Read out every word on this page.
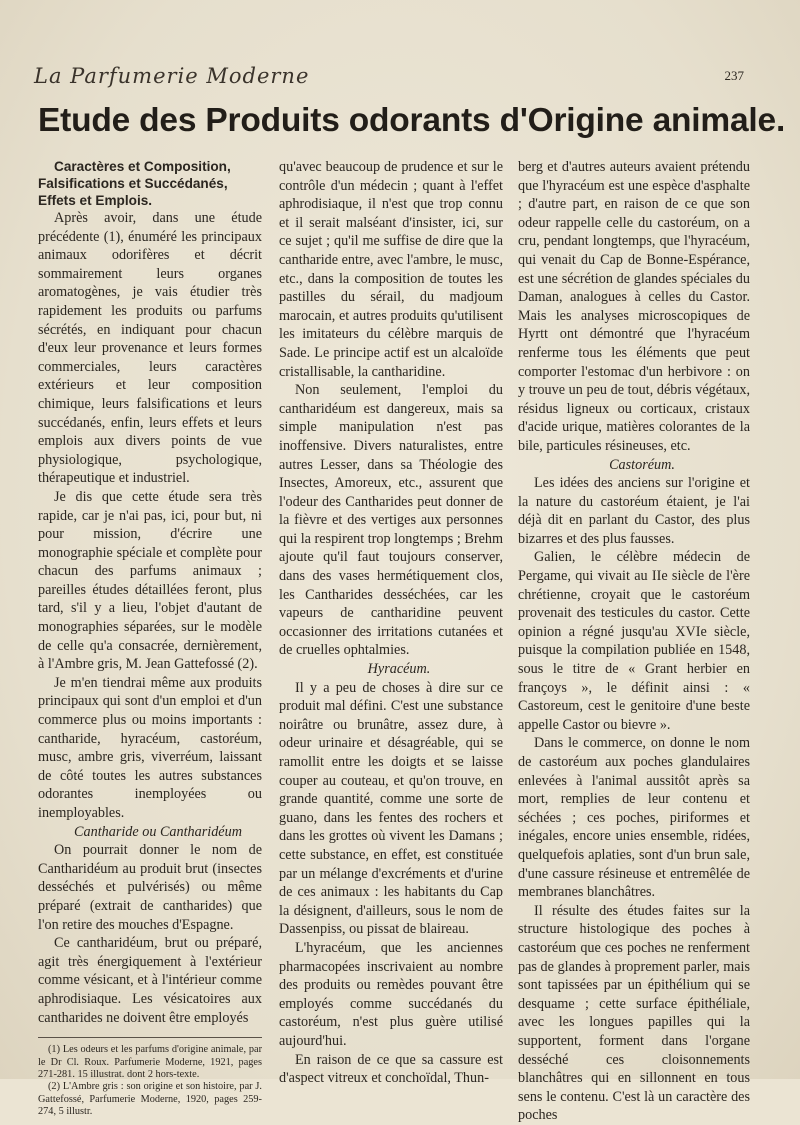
La Parfumerie Moderne	237
Etude des Produits odorants d'Origine animale.

Caractères et Composition, Falsifications et Succédanés, Effets et Emplois.

Après avoir, dans une étude précédente (1), énuméré les principaux animaux odorifères et décrit sommairement leurs organes aromatogènes, je vais étudier très rapidement les produits ou parfums sécrétés, en indiquant pour chacun d'eux leur provenance et leurs formes commerciales, leurs caractères extérieurs et leur composition chimique, leurs falsifications et leurs succédanés, enfin, leurs effets et leurs emplois aux divers points de vue physiologique, psychologique, thérapeutique et industriel.

Je dis que cette étude sera très rapide, car je n'ai pas, ici, pour but, ni pour mission, d'écrire une monographie spéciale et complète pour chacun des parfums animaux ; pareilles études détaillées feront, plus tard, s'il y a lieu, l'objet d'autant de monographies séparées, sur le modèle de celle qu'a consacrée, dernièrement, à l'Ambre gris, M. Jean Gattefossé (2).

Je m'en tiendrai même aux produits principaux qui sont d'un emploi et d'un commerce plus ou moins importants : cantharide, hyracéum, castoréum, musc, ambre gris, viverréum, laissant de côté toutes les autres substances odorantes inemployées ou inemployables.

Cantharide ou Cantharidéum

On pourrait donner le nom de Cantharidéum au produit brut (insectes desséchés et pulvérisés) ou même préparé (extrait de cantharides) que l'on retire des mouches d'Espagne.

Ce cantharidéum, brut ou préparé, agit très énergiquement à l'extérieur comme vésicant, et à l'intérieur comme aphrodisiaque. Les vésicatoires aux cantharides ne doivent être employés

(1) Les odeurs et les parfums d'origine animale, par le Dr Cl. Roux. Parfumerie Moderne, 1921, pages 271-281. 15 illustrat. dont 2 hors-texte.

(2) L'Ambre gris : son origine et son histoire, par J. Gattefossé, Parfumerie Moderne, 1920, pages 259-274, 5 illustr.

qu'avec beaucoup de prudence et sur le contrôle d'un médecin ; quant à l'effet aphrodisiaque, il n'est que trop connu et il serait malséant d'insister, ici, sur ce sujet ; qu'il me suffise de dire que la cantharide entre, avec l'ambre, le musc, etc., dans la composition de toutes les pastilles du sérail, du madjoum marocain, et autres produits qu'utilisent les imitateurs du célèbre marquis de Sade. Le principe actif est un alcaloïde cristallisable, la cantharidine.

Non seulement, l'emploi du cantharidéum est dangereux, mais sa simple manipulation n'est pas inoffensive. Divers naturalistes, entre autres Lesser, dans sa Théologie des Insectes, Amoreux, etc., assurent que l'odeur des Cantharides peut donner de la fièvre et des vertiges aux personnes qui la respirent trop longtemps ; Brehm ajoute qu'il faut toujours conserver, dans des vases hermétiquement clos, les Cantharides desséchées, car les vapeurs de cantharidine peuvent occasionner des irritations cutanées et de cruelles ophtalmies.

Hyracéum.

Il y a peu de choses à dire sur ce produit mal défini. C'est une substance noirâtre ou brunâtre, assez dure, à odeur urinaire et désagréable, qui se ramollit entre les doigts et se laisse couper au couteau, et qu'on trouve, en grande quantité, comme une sorte de guano, dans les fentes des rochers et dans les grottes où vivent les Damans ; cette substance, en effet, est constituée par un mélange d'excréments et d'urine de ces animaux : les habitants du Cap la désignent, d'ailleurs, sous le nom de Dassenpiss, ou pissat de blaireau.

L'hyracéum, que les anciennes pharmacopées inscrivaient au nombre des produits ou remèdes pouvant être employés comme succédanés du castoréum, n'est plus guère utilisé aujourd'hui.

En raison de ce que sa cassure est d'aspect vitreux et conchoïdal, Thun-

berg et d'autres auteurs avaient prétendu que l'hyracéum est une espèce d'asphalte ; d'autre part, en raison de ce que son odeur rappelle celle du castoréum, on a cru, pendant longtemps, que l'hyracéum, qui venait du Cap de Bonne-Espérance, est une sécrétion de glandes spéciales du Daman, analogues à celles du Castor. Mais les analyses microscopiques de Hyrtt ont démontré que l'hyracéum renferme tous les éléments que peut comporter l'estomac d'un herbivore : on y trouve un peu de tout, débris végétaux, résidus ligneux ou corticaux, cristaux d'acide urique, matières colorantes de la bile, particules résineuses, etc.

Castoréum.

Les idées des anciens sur l'origine et la nature du castoréum étaient, je l'ai déjà dit en parlant du Castor, des plus bizarres et des plus fausses.

Galien, le célèbre médecin de Pergame, qui vivait au IIe siècle de l'ère chrétienne, croyait que le castoréum provenait des testicules du castor. Cette opinion a régné jusqu'au XVIe siècle, puisque la compilation publiée en 1548, sous le titre de « Grant herbier en françoys », le définit ainsi : « Castoreum, cest le genitoire d'une beste appelle Castor ou bievre ».

Dans le commerce, on donne le nom de castoréum aux poches glandulaires enlevées à l'animal aussitôt après sa mort, remplies de leur contenu et séchées ; ces poches, piriformes et inégales, encore unies ensemble, ridées, quelquefois aplaties, sont d'un brun sale, d'une cassure résineuse et entremêlée de membranes blanchâtres.

Il résulte des études faites sur la structure histologique des poches à castoréum que ces poches ne renferment pas de glandes à proprement parler, mais sont tapissées par un épithélium qui se desquame ; cette surface épithéliale, avec les longues papilles qui la supportent, forment dans l'organe desséché ces cloisonnements blanchâtres qui en sillonnent en tous sens le contenu. C'est là un caractère des poches
